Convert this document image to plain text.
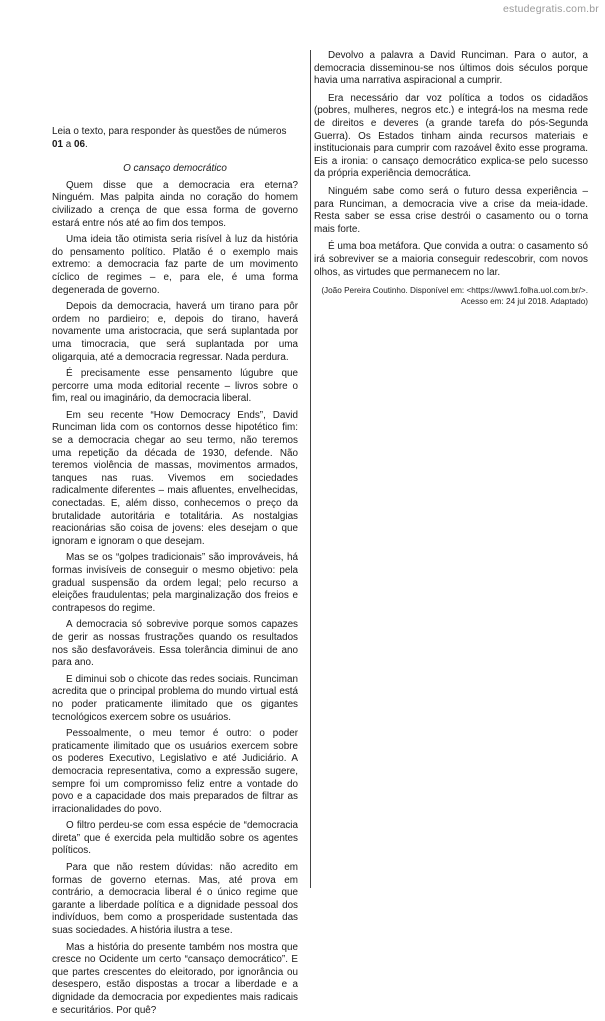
estudegratis.com.br

Leia o texto, para responder às questões de números 01 a 06.

O cansaço democrático

Quem disse que a democracia era eterna? Ninguém. Mas palpita ainda no coração do homem civilizado a crença de que essa forma de governo estará entre nós até ao fim dos tempos.

Uma ideia tão otimista seria risível à luz da história do pensamento político. Platão é o exemplo mais extremo: a democracia faz parte de um movimento cíclico de regimes – e, para ele, é uma forma degenerada de governo.

Depois da democracia, haverá um tirano para pôr ordem no pardieiro; e, depois do tirano, haverá novamente uma aristocracia, que será suplantada por uma timocracia, que será suplantada por uma oligarquia, até a democracia regressar. Nada perdura.

É precisamente esse pensamento lúgubre que percorre uma moda editorial recente – livros sobre o fim, real ou imaginário, da democracia liberal.

Em seu recente “How Democracy Ends”, David Runciman lida com os contornos desse hipotético fim: se a democracia chegar ao seu termo, não teremos uma repetição da década de 1930, defende. Não teremos violência de massas, movimentos armados, tanques nas ruas. Vivemos em sociedades radicalmente diferentes – mais afluentes, envelhecidas, conectadas. E, além disso, conhecemos o preço da brutalidade autoritária e totalitária. As nostalgias reacionárias são coisa de jovens: eles desejam o que ignoram e ignoram o que desejam.

Mas se os “golpes tradicionais” são improváveis, há formas invisíveis de conseguir o mesmo objetivo: pela gradual suspensão da ordem legal; pelo recurso a eleições fraudulentas; pela marginalização dos freios e contrapesos do regime.

A democracia só sobrevive porque somos capazes de gerir as nossas frustrações quando os resultados nos são desfavoráveis. Essa tolerância diminui de ano para ano.

E diminui sob o chicote das redes sociais. Runciman acredita que o principal problema do mundo virtual está no poder praticamente ilimitado que os gigantes tecnológicos exercem sobre os usuários.

Pessoalmente, o meu temor é outro: o poder praticamente ilimitado que os usuários exercem sobre os poderes Executivo, Legislativo e até Judiciário. A democracia representativa, como a expressão sugere, sempre foi um compromisso feliz entre a vontade do povo e a capacidade dos mais preparados de filtrar as irracionalidades do povo.

O filtro perdeu-se com essa espécie de “democracia direta” que é exercida pela multidão sobre os agentes políticos.

Para que não restem dúvidas: não acredito em formas de governo eternas. Mas, até prova em contrário, a democracia liberal é o único regime que garante a liberdade política e a dignidade pessoal dos indivíduos, bem como a prosperidade sustentada das suas sociedades. A história ilustra a tese.

Mas a história do presente também nos mostra que cresce no Ocidente um certo “cansaço democrático”. E que partes crescentes do eleitorado, por ignorância ou desespero, estão dispostas a trocar a liberdade e a dignidade da democracia por expedientes mais radicais e securitários. Por quê?

Devolvo a palavra a David Runciman. Para o autor, a democracia disseminou-se nos últimos dois séculos porque havia uma narrativa aspiracional a cumprir.

Era necessário dar voz política a todos os cidadãos (pobres, mulheres, negros etc.) e integrá-los na mesma rede de direitos e deveres (a grande tarefa do pós-Segunda Guerra). Os Estados tinham ainda recursos materiais e institucionais para cumprir com razoável êxito esse programa. Eis a ironia: o cansaço democrático explica-se pelo sucesso da própria experiência democrática.

Ninguém sabe como será o futuro dessa experiência – para Runciman, a democracia vive a crise da meia-idade. Resta saber se essa crise destrói o casamento ou o torna mais forte.

É uma boa metáfora. Que convida a outra: o casamento só irá sobreviver se a maioria conseguir redescobrir, com novos olhos, as virtudes que permanecem no lar.

(João Pereira Coutinho. Disponível em: <https://www1.folha.uol.com.br/>.
Acesso em: 24 jul 2018. Adaptado)
